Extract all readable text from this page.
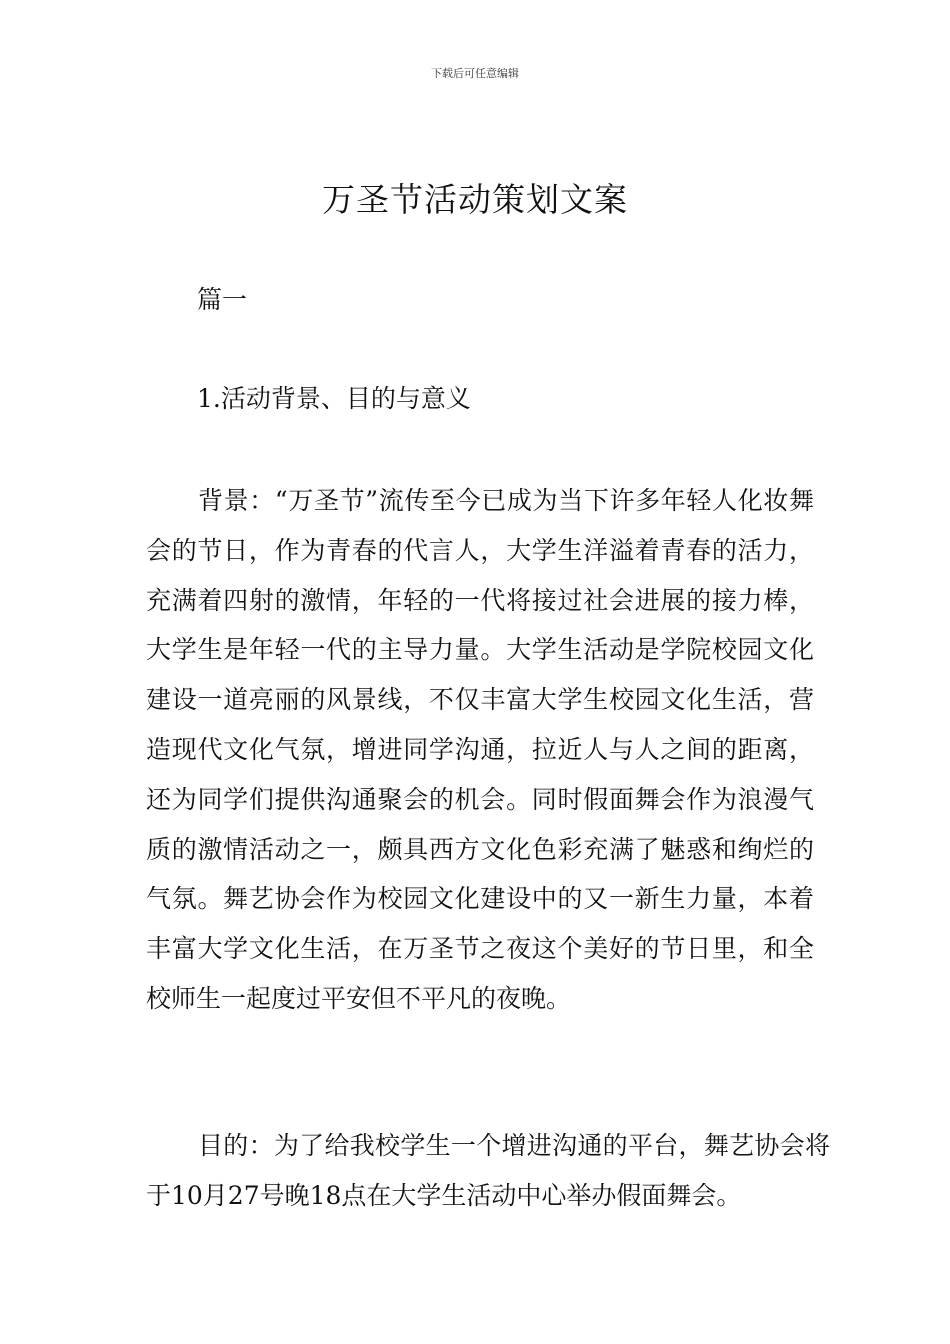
下载后可任意编辑
万圣节活动策划文案
篇一
1.活动背景、目的与意义

背景：“万圣节”流传至今已成为当下许多年轻人化妆舞会的节日，作为青春的代言人，大学生洋溢着青春的活力，充满着四射的激情，年轻的一代将接过社会进展的接力棒，大学生是年轻一代的主导力量。大学生活动是学院校园文化建设一道亮丽的风景线，不仅丰富大学生校园文化生活，营造现代文化气氛，增进同学沟通，拉近人与人之间的距离，还为同学们提供沟通聚会的机会。同时假面舞会作为浪漫气质的激情活动之一，颇具西方文化色彩充满了魅惑和绚烂的气氛。舞艺协会作为校园文化建设中的又一新生力量，本着丰富大学文化生活，在万圣节之夜这个美好的节日里，和全校师生一起度过平安但不平凡的夜晚。

目的：为了给我校学生一个增进沟通的平台，舞艺协会将于10月27号晚18点在大学生活动中心举办假面舞会。
